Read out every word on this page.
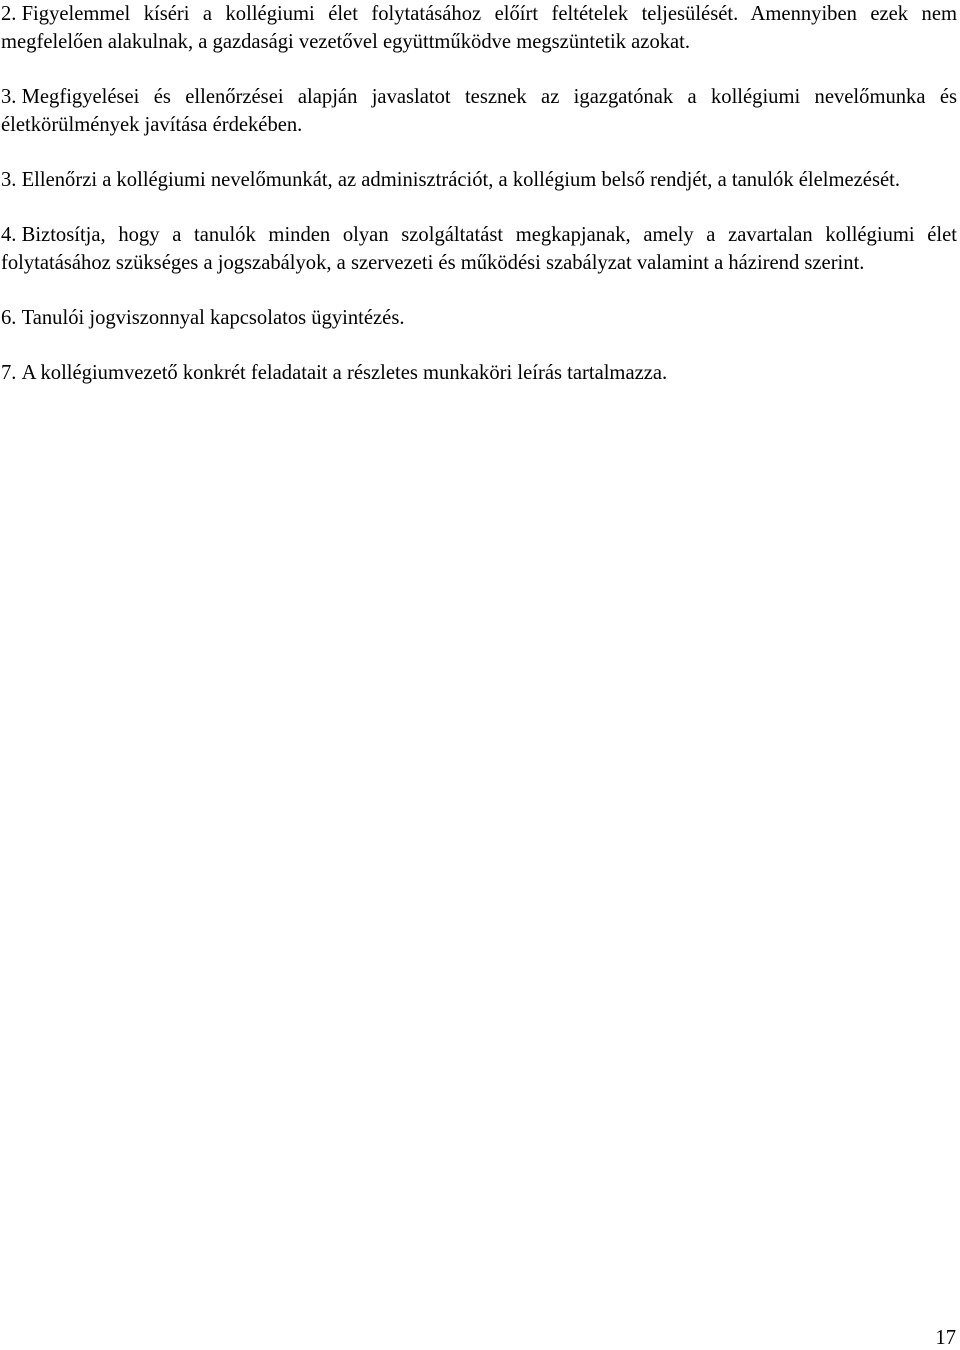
2. Figyelemmel kíséri a kollégiumi élet folytatásához előírt feltételek teljesülését. Amennyiben ezek nem megfelelően alakulnak, a gazdasági vezetővel együttműködve megszüntetik azokat.

3. Megfigyelései és ellenőrzései alapján javaslatot tesznek az igazgatónak a kollégiumi nevelőmunka és életkörülmények javítása érdekében.

3. Ellenőrzi a kollégiumi nevelőmunkát, az adminisztrációt, a kollégium belső rendjét, a tanulók élelmezését.

4. Biztosítja, hogy a tanulók minden olyan szolgáltatást megkapjanak, amely a zavartalan kollégiumi élet folytatásához szükséges a jogszabályok, a szervezeti és működési szabályzat valamint a házirend szerint.

6. Tanulói jogviszonnyal kapcsolatos ügyintézés.

7. A kollégiumvezető konkrét feladatait a részletes munkaköri leírás tartalmazza.

17
